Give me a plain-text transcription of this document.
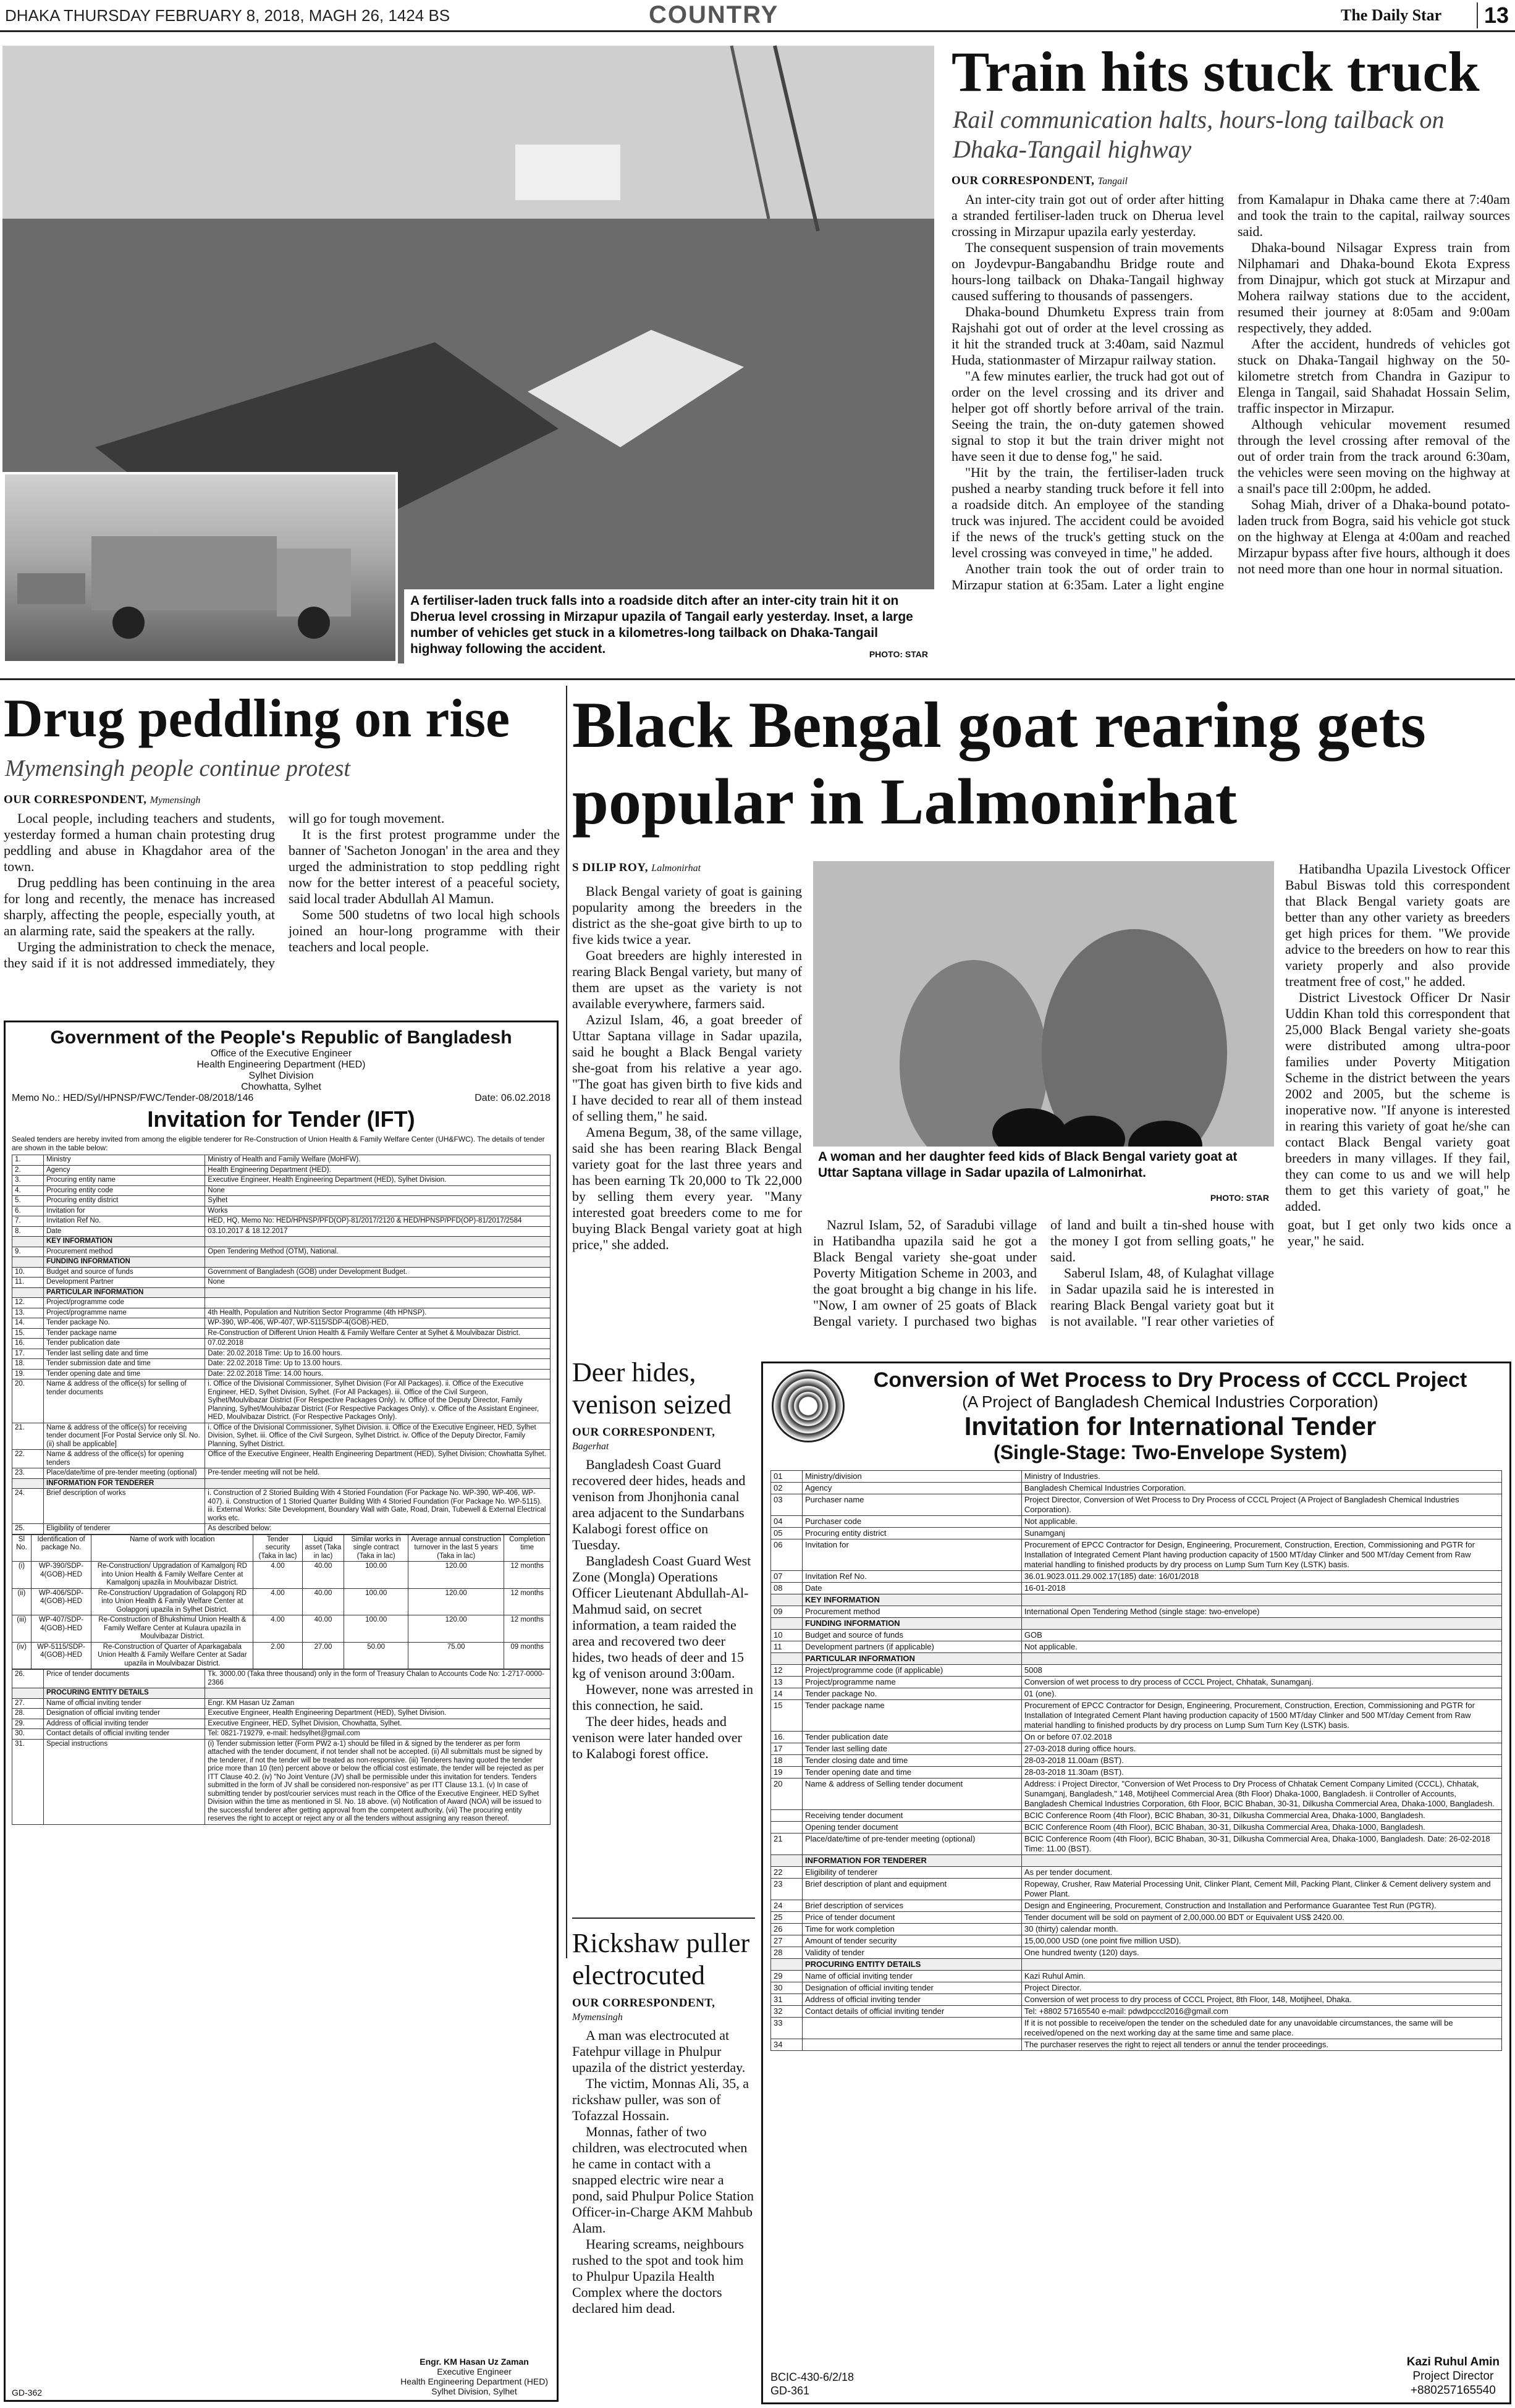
DHAKA THURSDAY FEBRUARY 8, 2018, MAGH 26, 1424 BS	COUNTRY	The Daily Star	13
A fertiliser-laden truck falls into a roadside ditch after an inter-city train hit it on Dherua level crossing in Mirzapur upazila of Tangail early yesterday. Inset, a large number of vehicles get stuck in a kilometres-long tailback on Dhaka-Tangail highway following the accident.	PHOTO: STAR
Train hits stuck truck
Rail communication halts, hours-long tailback on Dhaka-Tangail highway
OUR CORRESPONDENT, Tangail

An inter-city train got out of order after hitting a stranded fertiliser-laden truck on Dherua level crossing in Mirzapur upazila early yesterday.

The consequent suspension of train movements on Joydevpur-Bangabandhu Bridge route and hours-long tailback on Dhaka-Tangail highway caused suffering to thousands of passengers.

Dhaka-bound Dhumketu Express train from Rajshahi got out of order at the level crossing as it hit the stranded truck at 3:40am, said Nazmul Huda, stationmaster of Mirzapur railway station.

"A few minutes earlier, the truck had got out of order on the level crossing and its driver and helper got off shortly before arrival of the train. Seeing the train, the on-duty gatemen showed signal to stop it but the train driver might not have seen it due to dense fog," he said.

"Hit by the train, the fertiliser-laden truck pushed a nearby standing truck before it fell into a roadside ditch. An employee of the standing truck was injured. The accident could be avoided if the news of the truck's getting stuck on the level crossing was conveyed in time," he added.

Another train took the out of order train to Mirzapur station at 6:35am. Later a light engine from Kamalapur in Dhaka came there at 7:40am and took the train to the capital, railway sources said.

Dhaka-bound Nilsagar Express train from Nilphamari and Dhaka-bound Ekota Express from Dinajpur, which got stuck at Mirzapur and Mohera railway stations due to the accident, resumed their journey at 8:05am and 9:00am respectively, they added.

After the accident, hundreds of vehicles got stuck on Dhaka-Tangail highway on the 50-kilometre stretch from Chandra in Gazipur to Elenga in Tangail, said Shahadat Hossain Selim, traffic inspector in Mirzapur.

Although vehicular movement resumed through the level crossing after removal of the out of order train from the track around 6:30am, the vehicles were seen moving on the highway at a snail's pace till 2:00pm, he added.

Sohag Miah, driver of a Dhaka-bound potato-laden truck from Bogra, said his vehicle got stuck on the highway at Elenga at 4:00am and reached Mirzapur bypass after five hours, although it does not need more than one hour in normal situation.

Drug peddling on rise
Mymensingh people continue protest
OUR CORRESPONDENT, Mymensingh

Local people, including teachers and students, yesterday formed a human chain protesting drug peddling and abuse in Khagdahor area of the town.

Drug peddling has been continuing in the area for long and recently, the menace has increased sharply, affecting the people, especially youth, at an alarming rate, said the speakers at the rally.

Urging the administration to check the menace, they said if it is not addressed immediately, they will go for tough movement.

It is the first protest programme under the banner of 'Sacheton Jonogan' in the area and they urged the administration to stop peddling right now for the better interest of a peaceful society, said local trader Abdullah Al Mamun.

Some 500 studetns of two local high schools joined an hour-long programme with their teachers and local people.

Black Bengal goat rearing gets popular in Lalmonirhat
S DILIP ROY, Lalmonirhat
A woman and her daughter feed kids of Black Bengal variety goat at Uttar Saptana village in Sadar upazila of Lalmonirhat.
PHOTO: STAR

Black Bengal variety of goat is gaining popularity among the breeders in the district as the she-goat give birth to up to five kids twice a year.

Goat breeders are highly interested in rearing Black Bengal variety, but many of them are upset as the variety is not available everywhere, farmers said.

Azizul Islam, 46, a goat breeder of Uttar Saptana village in Sadar upazila, said he bought a Black Bengal variety she-goat from his relative a year ago. "The goat has given birth to five kids and I have decided to rear all of them instead of selling them," he said.

Amena Begum, 38, of the same village, said she has been rearing Black Bengal variety goat for the last three years and has been earning Tk 20,000 to Tk 22,000 by selling them every year. "Many interested goat breeders come to me for buying Black Bengal variety goat at high price," she added.

Nazrul Islam, 52, of Saradubi village in Hatibandha upazila said he got a Black Bengal variety she-goat under Poverty Mitigation Scheme in 2003, and the goat brought a big change in his life. "Now, I am owner of 25 goats of Black Bengal variety. I purchased two bighas of land and built a tin-shed house with the money I got from selling goats," he said.

Saberul Islam, 48, of Kulaghat village in Sadar upazila said he is interested in rearing Black Bengal variety goat but it is not available. "I rear other varieties of goat, but I get only two kids once a year," he said.

Hatibandha Upazila Livestock Officer Babul Biswas told this correspondent that Black Bengal variety goats are better than any other variety as breeders get high prices for them. "We provide advice to the breeders on how to rear this variety properly and also provide treatment free of cost," he added.

District Livestock Officer Dr Nasir Uddin Khan told this correspondent that 25,000 Black Bengal variety she-goats were distributed among ultra-poor families under Poverty Mitigation Scheme in the district between the years 2002 and 2005, but the scheme is inoperative now. "If anyone is interested in rearing this variety of goat he/she can contact Black Bengal variety goat breeders in many villages. If they fail, they can come to us and we will help them to get this variety of goat," he added.

Government of the People's Republic of Bangladesh
Office of the Executive Engineer
Health Engineering Department (HED)
Sylhet Division
Chowhatta, Sylhet
Memo No.: HED/Syl/HPNSP/FWC/Tender-08/2018/146	Date: 06.02.2018
Invitation for Tender (IFT)
Sealed tenders are hereby invited from among the eligible tenderer for Re-Construction of Union Health & Family Welfare Center (UH&FWC). The details of tender are shown in the table below:
1.	Ministry	Ministry of Health and Family Welfare (MoHFW).
2.	Agency	Health Engineering Department (HED).
3.	Procuring entity name	Executive Engineer, Health Engineering Department (HED), Sylhet Division.
4.	Procuring entity code	None
5.	Procuring entity district	Sylhet
6.	Invitation for	Works
7.	Invitation Ref No.	HED, HQ, Memo No: HED/HPNSP/PFD(OP)-81/2017/2120 & HED/HPNSP/PFD(OP)-81/2017/2584
8.	Date	03.10.2017 & 18.12.2017
	KEY INFORMATION	
9.	Procurement method	Open Tendering Method (OTM), National.
	FUNDING INFORMATION	
10.	Budget and source of funds	Government of Bangladesh (GOB) under Development Budget.
11.	Development Partner	None
	PARTICULAR INFORMATION	
12.	Project/programme code	
13.	Project/programme name	4th Health, Population and Nutrition Sector Programme (4th HPNSP).
14.	Tender package No.	WP-390, WP-406, WP-407, WP-5115/SDP-4(GOB)-HED,
15.	Tender package name	Re-Construction of Different Union Health & Family Welfare Center at Sylhet & Moulvibazar District.
16.	Tender publication date	07.02.2018
17.	Tender last selling date and time	Date: 20.02.2018 Time: Up to 16.00 hours.
18.	Tender submission date and time	Date: 22.02.2018 Time: Up to 13.00 hours.
19.	Tender opening date and time	Date: 22.02.2018 Time: 14.00 hours.
20.	Name & address of the office(s) for selling of tender documents	i. Office of the Divisional Commissioner, Sylhet Division (For All Packages). ii. Office of the Executive Engineer, HED, Sylhet Division, Sylhet. (For All Packages). iii. Office of the Civil Surgeon, Sylhet/Moulvibazar District (For Respective Packages Only). iv. Office of the Deputy Director, Family Planning, Sylhet/Moulvibazar District (For Respective Packages Only). v. Office of the Assistant Engineer, HED, Moulvibazar District. (For Respective Packages Only).
21.	Name & address of the office(s) for receiving tender document [For Postal Service only Sl. No. (ii) shall be applicable]	i. Office of the Divisional Commissioner, Sylhet Division. ii. Office of the Executive Engineer, HED, Sylhet Division, Sylhet. iii. Office of the Civil Surgeon, Sylhet District. iv. Office of the Deputy Director, Family Planning, Sylhet District.
22.	Name & address of the office(s) for opening tenders	Office of the Executive Engineer, Health Engineering Department (HED), Sylhet Division; Chowhatta Sylhet.
23.	Place/date/time of pre-tender meeting (optional)	Pre-tender meeting will not be held.
	INFORMATION FOR TENDERER	
24.	Brief description of works	i. Construction of 2 Storied Building With 4 Storied Foundation (For Package No. WP-390, WP-406, WP-407). ii. Construction of 1 Storied Quarter Building With 4 Storied Foundation (For Package No. WP-5115). iii. External Works: Site Development, Boundary Wall with Gate, Road, Drain, Tubewell & External Electrical works etc.
25.	Eligibility of tenderer	As described below:
Sl No.	Identification of package No.	Name of work with location	Tender security (Taka in lac)	Liquid asset (Taka in lac)	Similar works in single contract (Taka in lac)	Average annual construction turnover in the last 5 years (Taka in lac)	Completion time
(i)	WP-390/SDP-4(GOB)-HED	Re-Construction/ Upgradation of Kamalgonj RD into Union Health & Family Welfare Center at Kamalgonj upazila in Moulvibazar District.	4.00	40.00	100.00	120.00	12 months
(ii)	WP-406/SDP-4(GOB)-HED	Re-Construction/ Upgradation of Golapgonj RD into Union Health & Family Welfare Center at Golapgonj upazila in Sylhet District.	4.00	40.00	100.00	120.00	12 months
(iii)	WP-407/SDP-4(GOB)-HED	Re-Construction of Bhukshimul Union Health & Family Welfare Center at Kulaura upazila in Moulvibazar District.	4.00	40.00	100.00	120.00	12 months
(iv)	WP-5115/SDP-4(GOB)-HED	Re-Construction of Quarter of Aparkagabala Union Health & Family Welfare Center at Sadar upazila in Moulvibazar District.	2.00	27.00	50.00	75.00	09 months
26.	Price of tender documents	Tk. 3000.00 (Taka three thousand) only in the form of Treasury Chalan to Accounts Code No: 1-2717-0000-2366
	PROCURING ENTITY DETAILS	
27.	Name of official inviting tender	Engr. KM Hasan Uz Zaman
28.	Designation of official inviting tender	Executive Engineer, Health Engineering Department (HED), Sylhet Division.
29.	Address of official inviting tender	Executive Engineer, HED, Sylhet Division, Chowhatta, Sylhet.
30.	Contact details of official inviting tender	Tel: 0821-719279, e-mail: hedsylhet@gmail.com
31.	Special instructions	(i) Tender submission letter (Form PW2 a-1) should be filled in & signed by the tenderer as per form attached with the tender document, if not tender shall not be accepted. (ii) All submittals must be signed by the tenderer, if not the tender will be treated as non-responsive. (iii) Tenderers having quoted the tender price more than 10 (ten) percent above or below the official cost estimate, the tender will be rejected as per ITT Clause 40.2. (iv) "No Joint Venture (JV) shall be permissible under this invitation for tenders. Tenders submitted in the form of JV shall be considered non-responsive" as per ITT Clause 13.1. (v) In case of submitting tender by post/courier services must reach in the Office of the Executive Engineer, HED Sylhet Division within the time as mentioned in Sl. No. 18 above. (vi) Notification of Award (NOA) will be issued to the successful tenderer after getting approval from the competent authority. (vii) The procuring entity reserves the right to accept or reject any or all the tenders without assigning any reason thereof.
Engr. KM Hasan Uz Zaman
Executive Engineer
Health Engineering Department (HED)
Sylhet Division, Sylhet
GD-362
Deer hides, venison seized
OUR CORRESPONDENT,
Bagerhat

Bangladesh Coast Guard recovered deer hides, heads and venison from Jhonjhonia canal area adjacent to the Sundarbans Kalabogi forest office on Tuesday.

Bangladesh Coast Guard West Zone (Mongla) Operations Officer Lieutenant Abdullah-Al-Mahmud said, on secret information, a team raided the area and recovered two deer hides, two heads of deer and 15 kg of venison around 3:00am.

However, none was arrested in this connection, he said.

The deer hides, heads and venison were later handed over to Kalabogi forest office.

Rickshaw puller electrocuted
OUR CORRESPONDENT,
Mymensingh

A man was electrocuted at Fatehpur village in Phulpur upazila of the district yesterday.

The victim, Monnas Ali, 35, a rickshaw puller, was son of Tofazzal Hossain.

Monnas, father of two children, was electrocuted when he came in contact with a snapped electric wire near a pond, said Phulpur Police Station Officer-in-Charge AKM Mahbub Alam.

Hearing screams, neighbours rushed to the spot and took him to Phulpur Upazila Health Complex where the doctors declared him dead.

Conversion of Wet Process to Dry Process of CCCL Project
(A Project of Bangladesh Chemical Industries Corporation)
Invitation for International Tender
(Single-Stage: Two-Envelope System)
01	Ministry/division	Ministry of Industries.
02	Agency	Bangladesh Chemical Industries Corporation.
03	Purchaser name	Project Director, Conversion of Wet Process to Dry Process of CCCL Project (A Project of Bangladesh Chemical Industries Corporation).
04	Purchaser code	Not applicable.
05	Procuring entity district	Sunamganj
06	Invitation for	Procurement of EPCC Contractor for Design, Engineering, Procurement, Construction, Erection, Commissioning and PGTR for Installation of Integrated Cement Plant having production capacity of 1500 MT/day Clinker and 500 MT/day Cement from Raw material handling to finished products by dry process on Lump Sum Turn Key (LSTK) basis.
07	Invitation Ref No.	36.01.9023.011.29.002.17(185) date: 16/01/2018
08	Date	16-01-2018
	KEY INFORMATION	
09	Procurement method	International Open Tendering Method (single stage: two-envelope)
	FUNDING INFORMATION	
10	Budget and source of funds	GOB
11	Development partners (if applicable)	Not applicable.
	PARTICULAR INFORMATION	
12	Project/programme code (if applicable)	5008
13	Project/programme name	Conversion of wet process to dry process of CCCL Project, Chhatak, Sunamganj.
14	Tender package No.	01 (one).
15	Tender package name	Procurement of EPCC Contractor for Design, Engineering, Procurement, Construction, Erection, Commissioning and PGTR for Installation of Integrated Cement Plant having production capacity of 1500 MT/day Clinker and 500 MT/day Cement from Raw material handling to finished products by dry process on Lump Sum Turn Key (LSTK) basis.
16.	Tender publication date	On or before 07.02.2018
17	Tender last selling date	27-03-2018 during office hours.
18	Tender closing date and time	28-03-2018 11.00am (BST).
19	Tender opening date and time	28-03-2018 11.30am (BST).
20	Name & address of Selling tender document	Address: i Project Director, "Conversion of Wet Process to Dry Process of Chhatak Cement Company Limited (CCCL), Chhatak, Sunamganj, Bangladesh," 148, Motijheel Commercial Area (8th Floor) Dhaka-1000, Bangladesh. ii Controller of Accounts, Bangladesh Chemical Industries Corporation, 6th Floor, BCIC Bhaban, 30-31, Dilkusha Commercial Area, Dhaka-1000, Bangladesh.
	Receiving tender document	BCIC Conference Room (4th Floor), BCIC Bhaban, 30-31, Dilkusha Commercial Area, Dhaka-1000, Bangladesh.
	Opening tender document	BCIC Conference Room (4th Floor), BCIC Bhaban, 30-31, Dilkusha Commercial Area, Dhaka-1000, Bangladesh.
21	Place/date/time of pre-tender meeting (optional)	BCIC Conference Room (4th Floor), BCIC Bhaban, 30-31, Dilkusha Commercial Area, Dhaka-1000, Bangladesh. Date: 26-02-2018 Time: 11.00 (BST).
	INFORMATION FOR TENDERER	
22	Eligibility of tenderer	As per tender document.
23	Brief description of plant and equipment	Ropeway, Crusher, Raw Material Processing Unit, Clinker Plant, Cement Mill, Packing Plant, Clinker & Cement delivery system and Power Plant.
24	Brief description of services	Design and Engineering, Procurement, Construction and Installation and Performance Guarantee Test Run (PGTR).
25	Price of tender document	Tender document will be sold on payment of 2,00,000.00 BDT or Equivalent US$ 2420.00.
26	Time for work completion	30 (thirty) calendar month.
27	Amount of tender security	15,00,000 USD (one point five million USD).
28	Validity of tender	One hundred twenty (120) days.
	PROCURING ENTITY DETAILS	
29	Name of official inviting tender	Kazi Ruhul Amin.
30	Designation of official inviting tender	Project Director.
31	Address of official inviting tender	Conversion of wet process to dry process of CCCL Project, 8th Floor, 148, Motijheel, Dhaka.
32	Contact details of official inviting tender	Tel: +8802 57165540 e-mail: pdwdpcccl2016@gmail.com
33		If it is not possible to receive/open the tender on the scheduled date for any unavoidable circumstances, the same will be received/opened on the next working day at the same time and same place.
34		The purchaser reserves the right to reject all tenders or annul the tender proceedings.
BCIC-430-6/2/18
GD-361
Kazi Ruhul Amin
Project Director
+880257165540
